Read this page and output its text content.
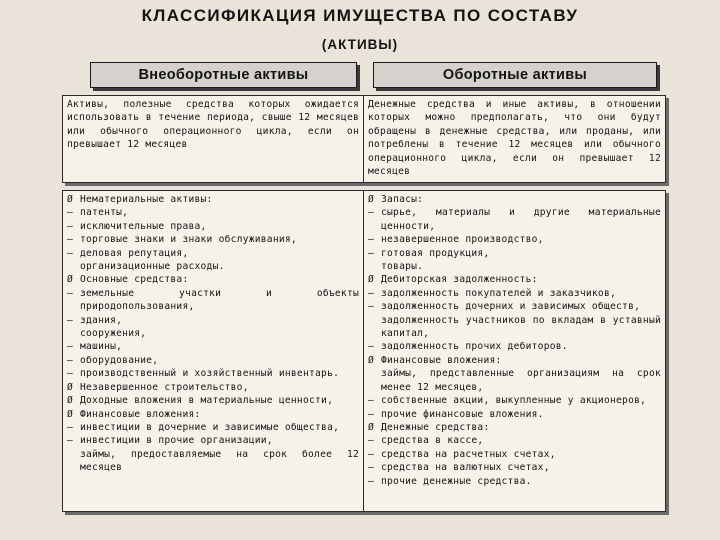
КЛАССИФИКАЦИЯ ИМУЩЕСТВА ПО СОСТАВУ
(АКТИВЫ)
Внеоборотные активы	Оборотные активы
Активы, полезные средства которых ожидается использовать в течение периода, свыше 12 месяцев или обычного операционного цикла, если он превышает 12 месяцев
Денежные средства и иные активы, в отношении которых можно предполагать, что они будут обращены в денежные средства, или проданы, или потреблены в течение 12 месяцев или обычного операционного цикла, если он превышает 12 месяцев
Ø Нематериальные активы:
– патенты,
– исключительные права,
– торговые знаки и знаки обслуживания,
– деловая репутация,
организационные расходы.
Ø Основные средства:
– земельные участки и объекты природопользования,
– здания,
сооружения,
– машины,
– оборудование,
– производственный и хозяйственный инвентарь.
Ø Незавершенное строительство,
Ø Доходные вложения в материальные ценности,
Ø Финансовые вложения:
– инвестиции в дочерние и зависимые общества,
– инвестиции в прочие организации,
займы, предоставляемые на срок более 12 месяцев
Ø Запасы:
– сырье, материалы и другие материальные ценности,
– незавершенное производство,
– готовая продукция,
товары.
Ø Дебиторская задолженность:
– задолженность покупателей и заказчиков,
– задолженность дочерних и зависимых обществ,
задолженность участников по вкладам в уставный капитал,
– задолженность прочих дебиторов.
Ø Финансовые вложения:
займы, представленные организациям на срок менее 12 месяцев,
– собственные акции, выкупленные у акционеров,
– прочие финансовые вложения.
Ø Денежные средства:
– средства в кассе,
– средства на расчетных счетах,
– средства на валютных счетах,
– прочие денежные средства.
